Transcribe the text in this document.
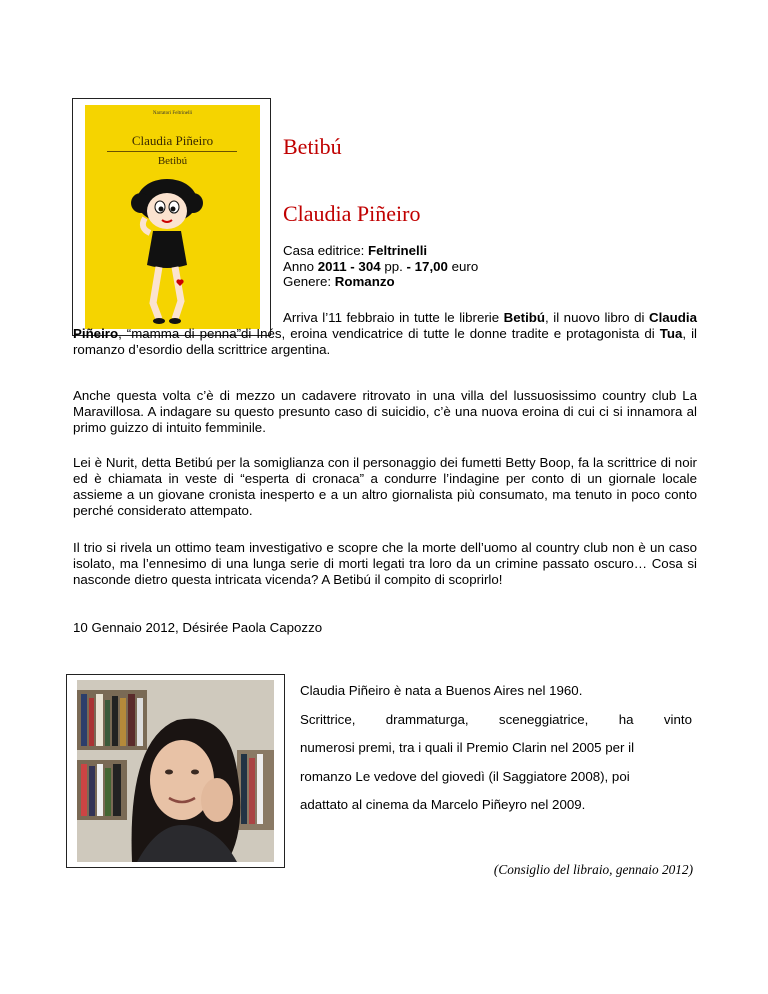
Narratori Feltrinelli
Claudia Piñeiro
Betibú
Betibú
Claudia Piñeiro
Casa editrice: Feltrinelli
Anno 2011 - 304 pp. - 17,00 euro
Genere: Romanzo
Arriva l’11 febbraio in tutte le librerie Betibú, il nuovo libro di Claudia Piñeiro, “mamma di penna”di Inés, eroina vendicatrice di tutte le donne tradite e protagonista di Tua, il romanzo d’esordio della scrittrice argentina.
Anche questa volta c’è di mezzo un cadavere ritrovato in una villa del lussuosissimo country club La Maravillosa. A indagare su questo presunto caso di suicidio, c’è una nuova eroina di cui ci si innamora al primo guizzo di intuito femminile.
Lei è Nurit, detta Betibú per la somiglianza con il personaggio dei fumetti Betty Boop, fa la scrittrice di noir ed è chiamata in veste di “esperta di cronaca” a condurre l’indagine per conto di un giornale locale assieme a un giovane cronista inesperto e a un altro giornalista più consumato, ma tenuto in poco conto perché considerato attempato.
Il trio si rivela un ottimo team investigativo e scopre che la morte dell’uomo al country club non è un caso isolato, ma l’ennesimo di una lunga serie di morti legati tra loro da un crimine passato oscuro… Cosa si nasconde dietro questa intricata vicenda? A Betibú il compito di scoprirlo!
10 Gennaio 2012, Désirée Paola Capozzo
Claudia Piñeiro è nata a Buenos Aires nel 1960.
Scrittrice, drammaturga, sceneggiatrice, ha vinto
numerosi premi, tra i quali il Premio Clarin nel 2005 per il
romanzo Le vedove del giovedì (il Saggiatore 2008), poi
adattato al cinema da Marcelo Piñeyro nel 2009.
(Consiglio del libraio, gennaio 2012)
